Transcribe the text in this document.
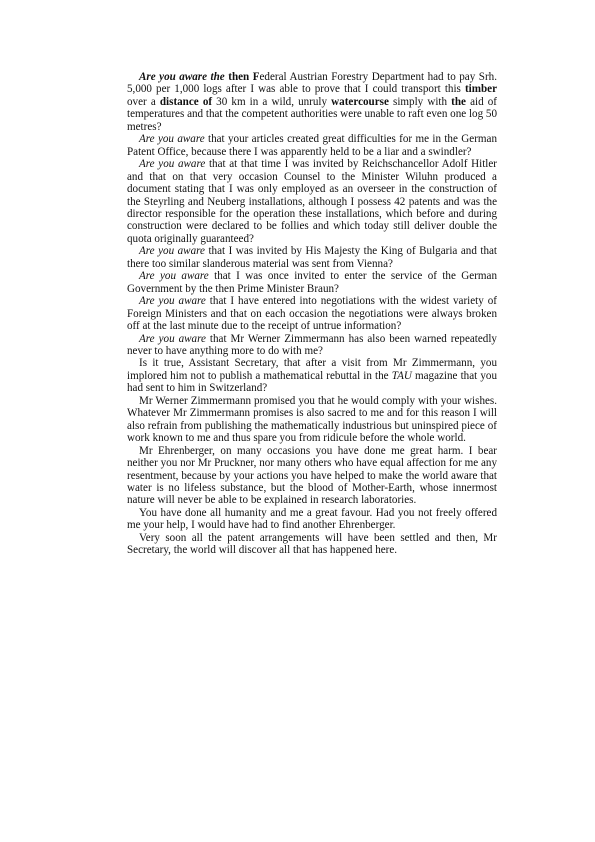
Are you aware the then Federal Austrian Forestry Department had to pay Srh. 5,000 per 1,000 logs after I was able to prove that I could transport this timber over a distance of 30 km in a wild, unruly watercourse simply with the aid of temperatures and that the competent authorities were unable to raft even one log 50 metres?

Are you aware that your articles created great difficulties for me in the German Patent Office, because there I was apparently held to be a liar and a swindler?

Are you aware that at that time I was invited by Reichschancellor Adolf Hitler and that on that very occasion Counsel to the Minister Wiluhn produced a document stating that I was only employed as an overseer in the construction of the Steyrling and Neuberg installations, although I possess 42 patents and was the director responsible for the operation these installations, which before and during construction were declared to be follies and which today still deliver double the quota originally guaranteed?

Are you aware that I was invited by His Majesty the King of Bulgaria and that there too similar slanderous material was sent from Vienna?

Are you aware that I was once invited to enter the service of the German Government by the then Prime Minister Braun?

Are you aware that I have entered into negotiations with the widest variety of Foreign Ministers and that on each occasion the negotiations were always broken off at the last minute due to the receipt of untrue information?

Are you aware that Mr Werner Zimmermann has also been warned repeatedly never to have anything more to do with me?

Is it true, Assistant Secretary, that after a visit from Mr Zimmermann, you implored him not to publish a mathematical rebuttal in the TAU magazine that you had sent to him in Switzerland?

Mr Werner Zimmermann promised you that he would comply with your wishes. Whatever Mr Zimmermann promises is also sacred to me and for this reason I will also refrain from publishing the mathematically industrious but uninspired piece of work known to me and thus spare you from ridicule before the whole world.

Mr Ehrenberger, on many occasions you have done me great harm. I bear neither you nor Mr Pruckner, nor many others who have equal affection for me any resentment, because by your actions you have helped to make the world aware that water is no lifeless substance, but the blood of Mother-Earth, whose innermost nature will never be able to be explained in research laboratories.

You have done all humanity and me a great favour. Had you not freely offered me your help, I would have had to find another Ehrenberger.

Very soon all the patent arrangements will have been settled and then, Mr Secretary, the world will discover all that has happened here.
